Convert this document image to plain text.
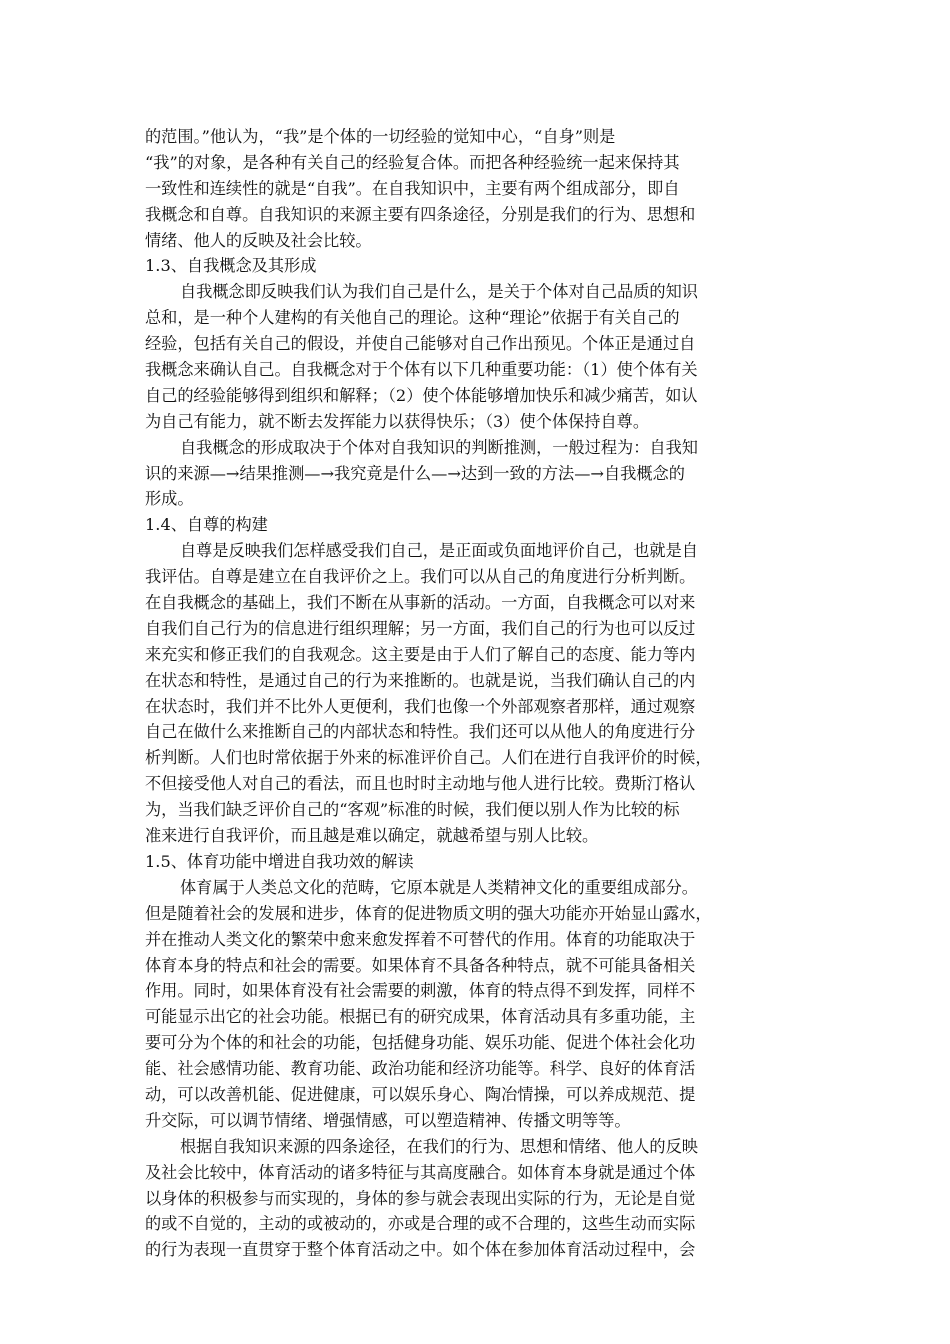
的范围。”他认为，“我”是个体的一切经验的觉知中心，“自身”则是
“我”的对象，是各种有关自己的经验复合体。而把各种经验统一起来保持其
一致性和连续性的就是“自我”。在自我知识中，主要有两个组成部分，即自
我概念和自尊。自我知识的来源主要有四条途径，分别是我们的行为、思想和
情绪、他人的反映及社会比较。
1.3、自我概念及其形成
自我概念即反映我们认为我们自己是什么，是关于个体对自己品质的知识
总和，是一种个人建构的有关他自己的理论。这种“理论”依据于有关自己的
经验，包括有关自己的假设，并使自己能够对自己作出预见。个体正是通过自
我概念来确认自己。自我概念对于个体有以下几种重要功能：（1）使个体有关
自己的经验能够得到组织和解释；（2）使个体能够增加快乐和减少痛苦，如认
为自己有能力，就不断去发挥能力以获得快乐；（3）使个体保持自尊。
自我概念的形成取决于个体对自我知识的判断推测，一般过程为：自我知
识的来源—→结果推测—→我究竟是什么—→达到一致的方法—→自我概念的
形成。
1.4、自尊的构建
自尊是反映我们怎样感受我们自己，是正面或负面地评价自己，也就是自
我评估。自尊是建立在自我评价之上。我们可以从自己的角度进行分析判断。
在自我概念的基础上，我们不断在从事新的活动。一方面，自我概念可以对来
自我们自己行为的信息进行组织理解；另一方面，我们自己的行为也可以反过
来充实和修正我们的自我观念。这主要是由于人们了解自己的态度、能力等内
在状态和特性，是通过自己的行为来推断的。也就是说，当我们确认自己的内
在状态时，我们并不比外人更便利，我们也像一个外部观察者那样，通过观察
自己在做什么来推断自己的内部状态和特性。我们还可以从他人的角度进行分
析判断。人们也时常依据于外来的标准评价自己。人们在进行自我评价的时候，
不但接受他人对自己的看法，而且也时时主动地与他人进行比较。费斯汀格认
为，当我们缺乏评价自己的“客观”标准的时候，我们便以别人作为比较的标
准来进行自我评价，而且越是难以确定，就越希望与别人比较。
1.5、体育功能中增进自我功效的解读
体育属于人类总文化的范畴，它原本就是人类精神文化的重要组成部分。
但是随着社会的发展和进步，体育的促进物质文明的强大功能亦开始显山露水，
并在推动人类文化的繁荣中愈来愈发挥着不可替代的作用。体育的功能取决于
体育本身的特点和社会的需要。如果体育不具备各种特点，就不可能具备相关
作用。同时，如果体育没有社会需要的刺激，体育的特点得不到发挥，同样不
可能显示出它的社会功能。根据已有的研究成果，体育活动具有多重功能，主
要可分为个体的和社会的功能，包括健身功能、娱乐功能、促进个体社会化功
能、社会感情功能、教育功能、政治功能和经济功能等。科学、良好的体育活
动，可以改善机能、促进健康，可以娱乐身心、陶冶情操，可以养成规范、提
升交际，可以调节情绪、增强情感，可以塑造精神、传播文明等等。
根据自我知识来源的四条途径，在我们的行为、思想和情绪、他人的反映
及社会比较中，体育活动的诸多特征与其高度融合。如体育本身就是通过个体
以身体的积极参与而实现的，身体的参与就会表现出实际的行为，无论是自觉
的或不自觉的，主动的或被动的，亦或是合理的或不合理的，这些生动而实际
的行为表现一直贯穿于整个体育活动之中。如个体在参加体育活动过程中，会
